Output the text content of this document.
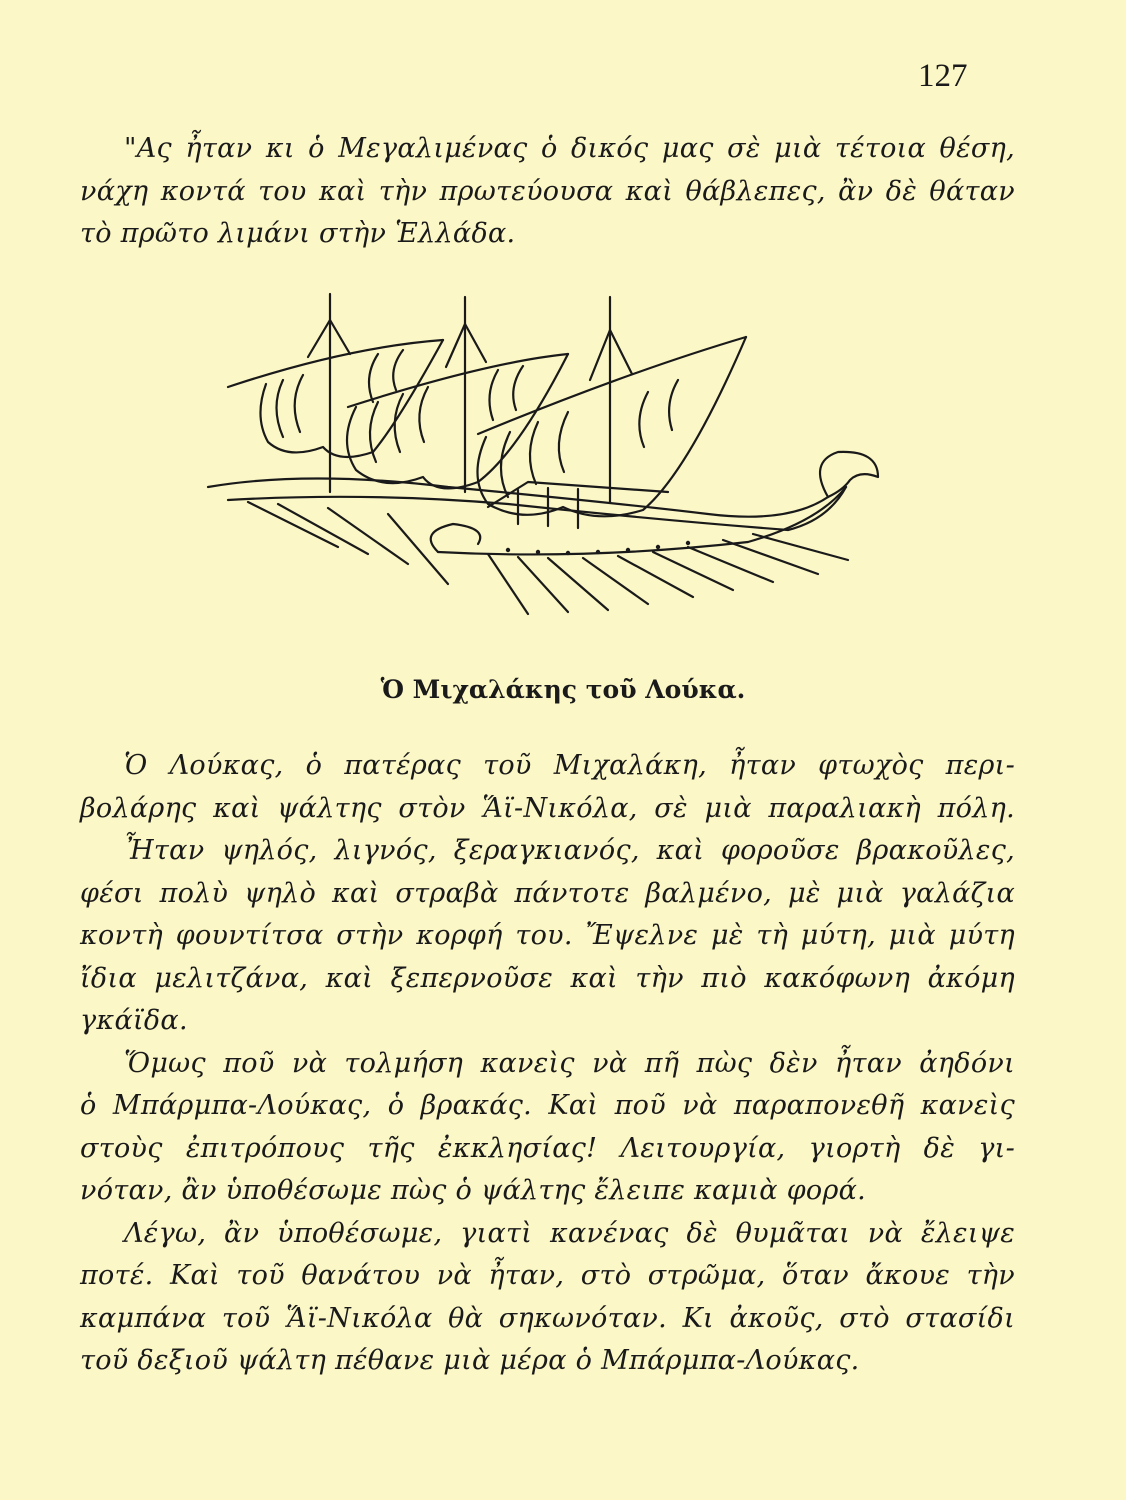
127
"Ας ἦταν κι ὁ Μεγαλιμένας ὁ δικός μας σὲ μιὰ τέτοια θέση,
νάχη κοντά του καὶ τὴν πρωτεύουσα καὶ θάβλεπες, ἂν δὲ θάταν
τὸ πρῶτο λιμάνι στὴν Ἑλλάδα.
Ὁ Μιχαλάκης τοῦ Λούκα.
Ὁ Λούκας, ὁ πατέρας τοῦ Μιχαλάκη, ἦταν φτωχὸς περι-
βολάρης καὶ ψάλτης στὸν Ἅϊ-Νικόλα, σὲ μιὰ παραλιακὴ πόλη.
Ἦταν ψηλός, λιγνός, ξεραγκιανός, καὶ φοροῦσε βρακοῦλες,
φέσι πολὺ ψηλὸ καὶ στραβὰ πάντοτε βαλμένο, μὲ μιὰ γαλάζια
κοντὴ φουντίτσα στὴν κορφή του. Ἔψελνε μὲ τὴ μύτη, μιὰ μύτη
ἴδια μελιτζάνα, καὶ ξεπερνοῦσε καὶ τὴν πιὸ κακόφωνη ἀκόμη
γκάϊδα.
Ὅμως ποῦ νὰ τολμήση κανεὶς νὰ πῆ πὼς δὲν ἦταν ἀηδόνι
ὁ Μπάρμπα-Λούκας, ὁ βρακάς. Καὶ ποῦ νὰ παραπονεθῆ κανεὶς
στοὺς ἐπιτρόπους τῆς ἐκκλησίας! Λειτουργία, γιορτὴ δὲ γι-
νόταν, ἂν ὑποθέσωμε πὼς ὁ ψάλτης ἔλειπε καμιὰ φορά.
Λέγω, ἂν ὑποθέσωμε, γιατὶ κανένας δὲ θυμᾶται νὰ ἔλειψε
ποτέ. Καὶ τοῦ θανάτου νὰ ἦταν, στὸ στρῶμα, ὅταν ἄκουε τὴν
καμπάνα τοῦ Ἅϊ-Νικόλα θὰ σηκωνόταν. Κι ἀκοῦς, στὸ στασίδι
τοῦ δεξιοῦ ψάλτη πέθανε μιὰ μέρα ὁ Μπάρμπα-Λούκας.
